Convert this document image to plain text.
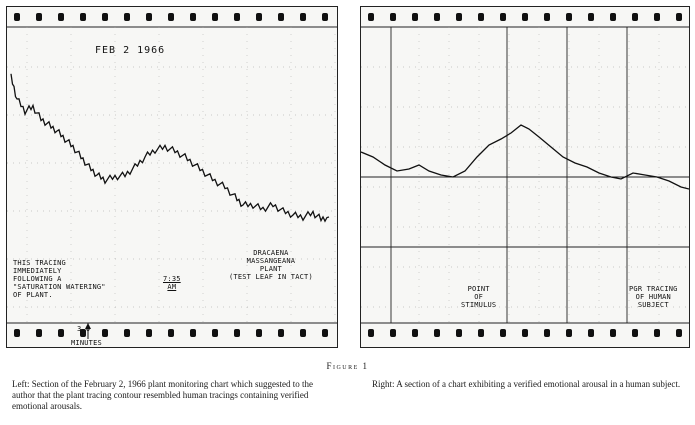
FEB 2 1966
THIS TRACING
IMMEDIATELY
FOLLOWING A
"SATURATION WATERING"
OF PLANT.
7:35
AM
DRACAENA
MASSANGEANA
PLANT
(TEST LEAF IN TACT)
3.0
MINUTES
POINT
OF
STIMULUS
PGR TRACING
OF HUMAN
SUBJECT
Figure 1
Left: Section of the February 2, 1966 plant monitoring chart which suggested to the author that the plant tracing contour resembled human tracings containing verified emotional arousals.
Right: A section of a chart exhibiting a verified emotional arousal in a human subject.
